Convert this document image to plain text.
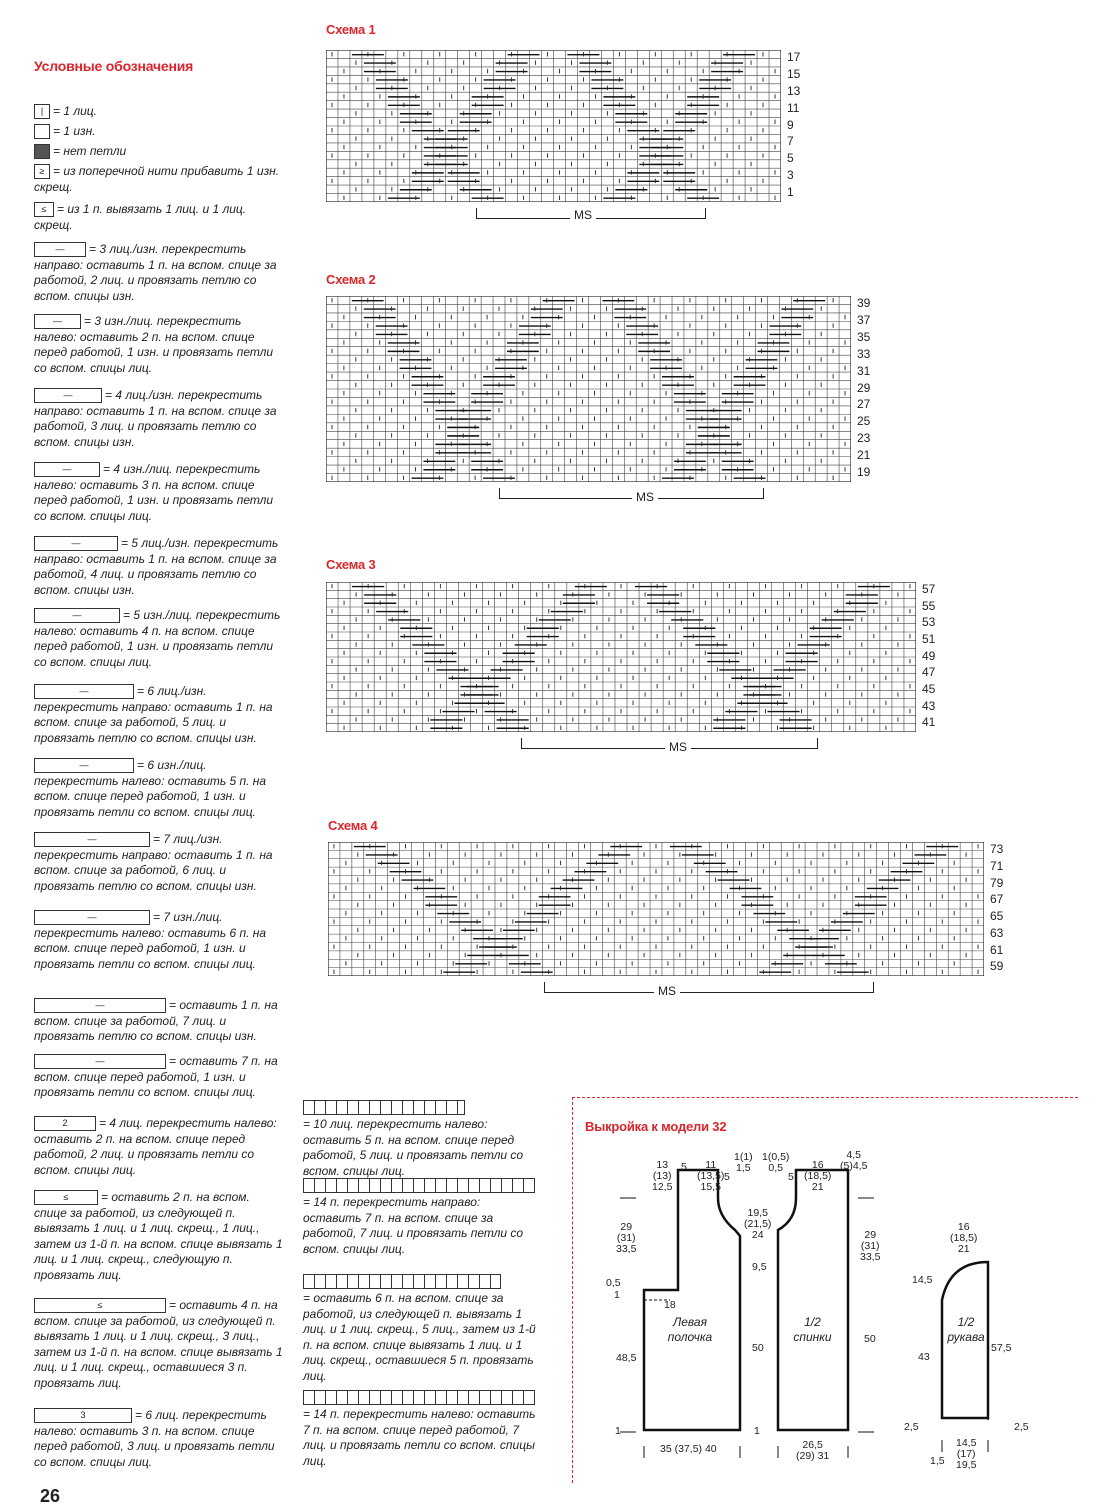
Условные обозначения
| = 1 лиц.
= 1 изн.
= нет петли
≥ = из поперечной нити прибавить 1 изн. скрещ.
≤ = из 1 п. вывязать 1 лиц. и 1 лиц. скрещ.
— = 3 лиц./изн. перекрестить направо: оставить 1 п. на вспом. спице за работой, 2 лиц. и провязать петлю со вспом. спицы изн.
— = 3 изн./лиц. перекрестить налево: оставить 2 п. на вспом. спице перед работой, 1 изн. и провязать петли со вспом. спицы лиц.
—	= 4 лиц./изн. перекрестить направо: оставить 1 п. на вспом. спице за работой, 3 лиц. и провязать петлю со вспом. спицы изн.
—	= 4 изн./лиц. перекрестить налево: оставить 3 п. на вспом. спице перед работой, 1 изн. и провязать петли со вспом. спицы лиц.
—	= 5 лиц./изн. перекрестить направо: оставить 1 п. на вспом. спице за работой, 4 лиц. и провязать петлю со вспом. спицы изн.
—	= 5 изн./лиц. перекрестить налево: оставить 4 п. на вспом. спице перед работой, 1 изн. и провязать петли со вспом. спицы лиц.
—	= 6 лиц./изн. перекрестить направо: оставить 1 п. на вспом. спице за работой, 5 лиц. и провязать петлю со вспом. спицы изн.
—	= 6 изн./лиц. перекрестить налево: оставить 5 п. на вспом. спице перед работой, 1 изн. и провязать петли со вспом. спицы лиц.
—	= 7 лиц./изн. перекрестить направо: оставить 1 п. на вспом. спице за работой, 6 лиц. и провязать петлю со вспом. спицы изн.
—	= 7 изн./лиц. перекрестить налево: оставить 6 п. на вспом. спице перед работой, 1 изн. и провязать петли со вспом. спицы лиц.
—	= оставить 1 п. на вспом. спице за работой, 7 лиц. и провязать петлю со вспом. спицы изн.
—	= оставить 7 п. на вспом. спице перед работой, 1 изн. и провязать петли со вспом. спицы лиц.
2	= 4 лиц. перекрестить налево: оставить 2 п. на вспом. спице перед работой, 2 лиц. и провязать петли со вспом. спицы лиц.
≤	= оставить 2 п. на вспом. спице за работой, из следующей п. вывязать 1 лиц. и 1 лиц. скрещ., 1 лиц., затем из 1-й п. на вспом. спице вывязать 1 лиц. и 1 лиц. скрещ., следующую п. провязать лиц.
≤	= оставить 4 п. на вспом. спице за работой, из следующей п. вывязать 1 лиц. и 1 лиц. скрещ., 3 лиц., затем из 1-й п. на вспом. спице вывязать 1 лиц. и 1 лиц. скрещ., оставшиеся 3 п. провязать лиц.
3	= 6 лиц. перекрестить налево: оставить 3 п. на вспом. спице перед работой, 3 лиц. и провязать петли со вспом. спицы лиц.
Схема 1
17
15
13
11
9
7
5
3
1
MS
Схема 2
39
37
35
33
31
29
27
25
23
21
19
MS
Схема 3
57
55
53
51
49
47
45
43
41
MS
Схема 4
73
71
79
67
65
63
61
59
MS
= 10 лиц. перекрестить налево: оставить 5 п. на вспом. спице перед работой, 5 лиц. и провязать петли со вспом. спицы лиц.
= 14 п. перекрестить направо: оставить 7 п. на вспом. спице за работой, 7 лиц. и провязать петли со вспом. спицы лиц.
= оставить 6 п. на вспом. спице за работой, из следующей п. вывязать 1 лиц. и 1 лиц. скрещ., 5 лиц., затем из 1-й п. на вспом. спице вывязать 1 лиц. и 1 лиц. скрещ., оставшиеся 5 п. провязать лиц.
= 14 п. перекрестить налево: оставить 7 п. на вспом. спице перед работой, 7 лиц. и провязать петли со вспом. спицы лиц.
Выкройка к модели 32
Левая полочка
1/2 спинки
1/2 рукава
13
(13)
12,5
5	11
(13,5)
15,5
5
1(1)
1,5
29
(31)
33,5
19,5
(21,5)
24
9,5
0,5
1
18
48,5
50
35 (37,5) 40
1
1(0,5)
0,5
5
16
(18,5)
21
4,5
(5)4,5
29
(31)
33,5
50
26,5
(29) 31
1
16
(18,5)
21
14,5
43
57,5
2,5	2,5
14,5
(17)
19,5
1,5
26
